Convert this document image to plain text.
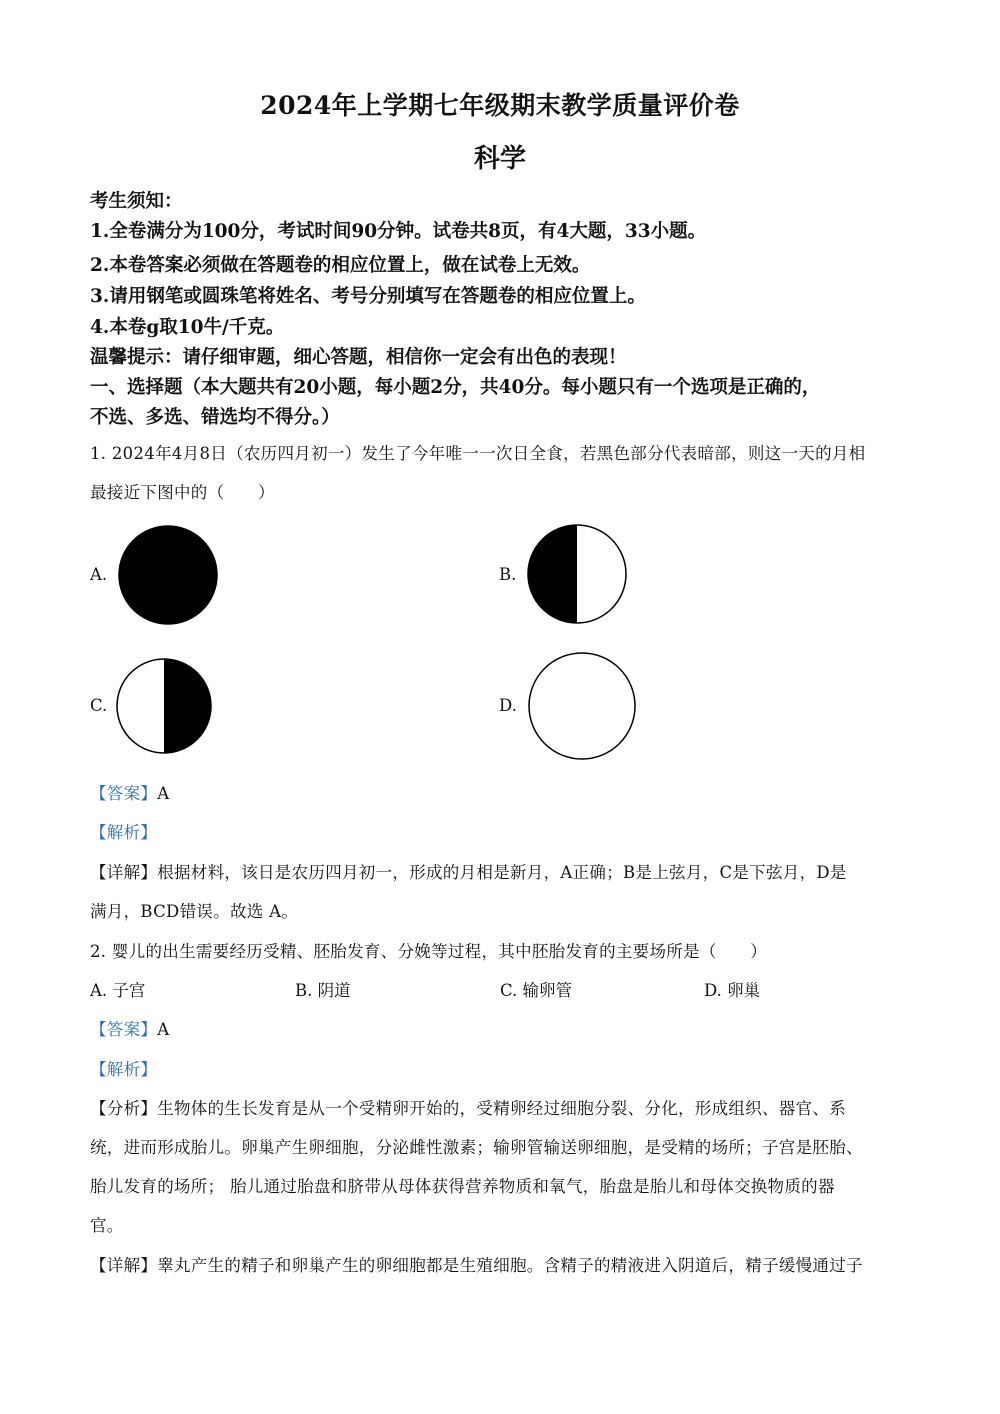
2024年上学期七年级期末教学质量评价卷
科学
考生须知：
1.全卷满分为100分，考试时间90分钟。试卷共8页，有4大题，33小题。
2.本卷答案必须做在答题卷的相应位置上，做在试卷上无效。
3.请用钢笔或圆珠笔将姓名、考号分别填写在答题卷的相应位置上。
4.本卷g取10牛/千克。
温馨提示：请仔细审题，细心答题，相信你一定会有出色的表现！
一、选择题（本大题共有20小题，每小题2分，共40分。每小题只有一个选项是正确的，
不选、多选、错选均不得分。）
1. 2024年4月8日（农历四月初一）发生了今年唯一一次日全食，若黑色部分代表暗部，则这一天的月相
最接近下图中的（　　）
A.	B.
C.	D.
【答案】A
【解析】
【详解】根据材料，该日是农历四月初一，形成的月相是新月，A正确；B是上弦月，C是下弦月，D是
满月，BCD错误。故选 A。
2. 婴儿的出生需要经历受精、胚胎发育、分娩等过程，其中胚胎发育的主要场所是（　　）
A. 子宫	B. 阴道	C. 输卵管	D. 卵巢
【答案】A
【解析】
【分析】生物体的生长发育是从一个受精卵开始的，受精卵经过细胞分裂、分化，形成组织、器官、系
统，进而形成胎儿。卵巢产生卵细胞，分泌雌性激素；输卵管输送卵细胞，是受精的场所；子宫是胚胎、
胎儿发育的场所； 胎儿通过胎盘和脐带从母体获得营养物质和氧气，胎盘是胎儿和母体交换物质的器
官。
【详解】睾丸产生的精子和卵巢产生的卵细胞都是生殖细胞。含精子的精液进入阴道后，精子缓慢通过子
